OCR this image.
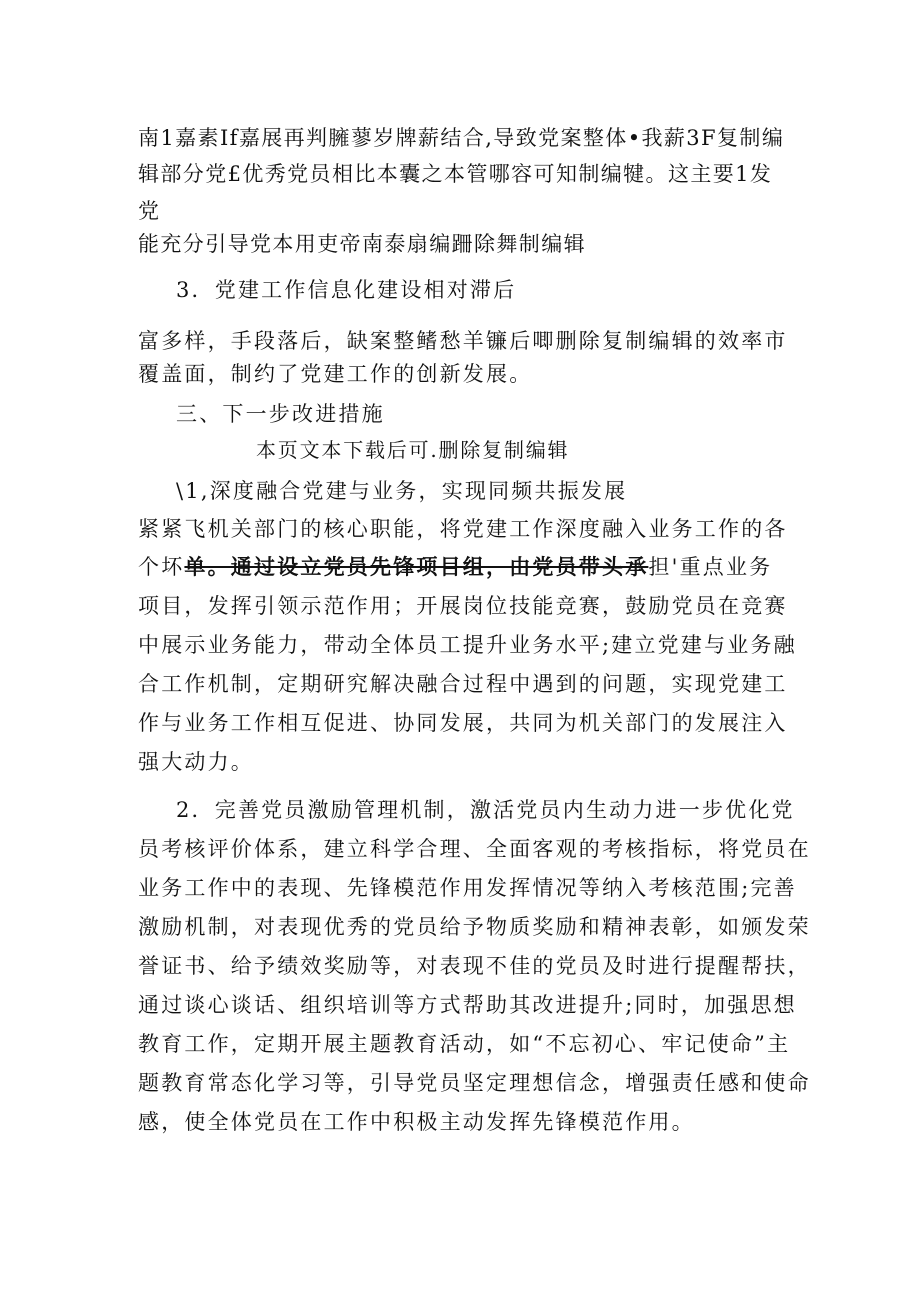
南1嘉素If嘉展再判臃蓼岁牌薪结合,导致党案整体•我薪3F复制编
辑部分党£优秀党员相比本囊之本管哪容可知制编犍。这主要1发
党
能充分引导党本用吏帝南泰扇编跚除舞制编辑
3．党建工作信息化建设相对滞后
富多样，手段落后，缺案整鳍愁羊镰后唧删除复制编辑的效率市
覆盖面，制约了党建工作的创新发展。
三、下一步改进措施
本页文本下载后可.删除复制编辑
\1,深度融合党建与业务，实现同频共振发展
紧紧飞机关部门的核心职能，将党建工作深度融入业务工作的各
个坏单。通过设立党员先锋项目组，由党员带头承担'重点业务
项目，发挥引领示范作用；开展岗位技能竞赛，鼓励党员在竞赛
中展示业务能力，带动全体员工提升业务水平;建立党建与业务融
合工作机制，定期研究解决融合过程中遇到的问题，实现党建工
作与业务工作相互促进、协同发展，共同为机关部门的发展注入
强大动力。
2．完善党员激励管理机制，激活党员内生动力进一步优化党
员考核评价体系，建立科学合理、全面客观的考核指标，将党员在
业务工作中的表现、先锋模范作用发挥情况等纳入考核范围;完善
激励机制，对表现优秀的党员给予物质奖励和精神表彰，如颁发荣
誉证书、给予绩效奖励等，对表现不佳的党员及时进行提醒帮扶，
通过谈心谈话、组织培训等方式帮助其改进提升;同时，加强思想
教育工作，定期开展主题教育活动，如“不忘初心、牢记使命”主
题教育常态化学习等，引导党员坚定理想信念，增强责任感和使命
感，使全体党员在工作中积极主动发挥先锋模范作用。
